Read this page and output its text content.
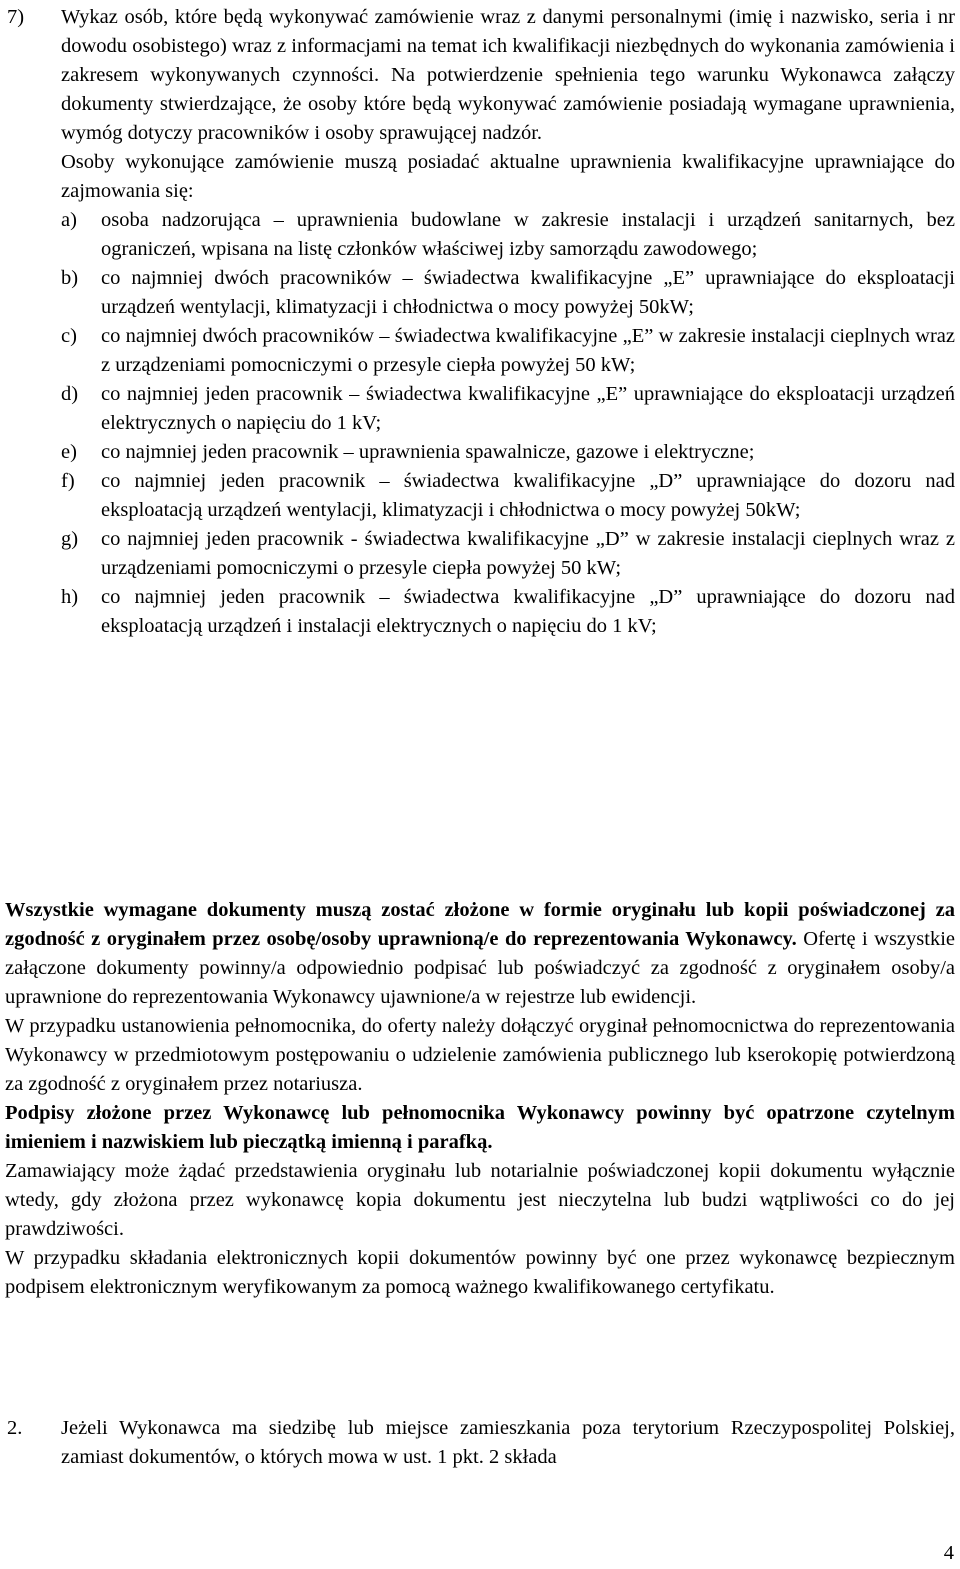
7) Wykaz osób, które będą wykonywać zamówienie wraz z danymi personalnymi (imię i nazwisko, seria i nr dowodu osobistego) wraz z informacjami na temat ich kwalifikacji niezbędnych do wykonania zamówienia i zakresem wykonywanych czynności. Na potwierdzenie spełnienia tego warunku Wykonawca załączy dokumenty stwierdzające, że osoby które będą wykonywać zamówienie posiadają wymagane uprawnienia, wymóg dotyczy pracowników i osoby sprawującej nadzór.

Osoby wykonujące zamówienie muszą posiadać aktualne uprawnienia kwalifikacyjne uprawniające do zajmowania się:

a) osoba nadzorująca – uprawnienia budowlane w zakresie instalacji i urządzeń sanitarnych, bez ograniczeń, wpisana na listę członków właściwej izby samorządu zawodowego;
b) co najmniej dwóch pracowników – świadectwa kwalifikacyjne „E” uprawniające do eksploatacji urządzeń wentylacji, klimatyzacji i chłodnictwa o mocy powyżej 50kW;
c) co najmniej dwóch pracowników – świadectwa kwalifikacyjne „E” w zakresie instalacji cieplnych wraz z urządzeniami pomocniczymi o przesyle ciepła powyżej 50 kW;
d) co najmniej jeden pracownik – świadectwa kwalifikacyjne „E” uprawniające do eksploatacji urządzeń elektrycznych o napięciu do 1 kV;
e) co najmniej jeden pracownik – uprawnienia spawalnicze, gazowe i elektryczne;
f) co najmniej jeden pracownik – świadectwa kwalifikacyjne „D” uprawniające do dozoru nad eksploatacją urządzeń wentylacji, klimatyzacji i chłodnictwa o mocy powyżej 50kW;
g) co najmniej jeden pracownik - świadectwa kwalifikacyjne „D” w zakresie instalacji cieplnych wraz z urządzeniami pomocniczymi o przesyle ciepła powyżej 50 kW;
h) co najmniej jeden pracownik – świadectwa kwalifikacyjne „D” uprawniające do dozoru nad eksploatacją urządzeń i instalacji elektrycznych o napięciu do 1 kV;

Wszystkie wymagane dokumenty muszą zostać złożone w formie oryginału lub kopii poświadczonej za zgodność z oryginałem przez osobę/osoby uprawnioną/e do reprezentowania Wykonawcy. Ofertę i wszystkie załączone dokumenty powinny/a odpowiednio podpisać lub poświadczyć za zgodność z oryginałem osoby/a uprawnione do reprezentowania Wykonawcy ujawnione/a w rejestrze lub ewidencji.

W przypadku ustanowienia pełnomocnika, do oferty należy dołączyć oryginał pełnomocnictwa do reprezentowania Wykonawcy w przedmiotowym postępowaniu o udzielenie zamówienia publicznego lub kserokopię potwierdzoną za zgodność z oryginałem przez notariusza.

Podpisy złożone przez Wykonawcę lub pełnomocnika Wykonawcy powinny być opatrzone czytelnym imieniem i nazwiskiem lub pieczątką imienną i parafką.

Zamawiający może żądać przedstawienia oryginału lub notarialnie poświadczonej kopii dokumentu wyłącznie wtedy, gdy złożona przez wykonawcę kopia dokumentu jest nieczytelna lub budzi wątpliwości co do jej prawdziwości.

W przypadku składania elektronicznych kopii dokumentów powinny być one przez wykonawcę bezpiecznym podpisem elektronicznym weryfikowanym za pomocą ważnego kwalifikowanego certyfikatu.

2. Jeżeli Wykonawca ma siedzibę lub miejsce zamieszkania poza terytorium Rzeczypospolitej Polskiej, zamiast dokumentów, o których mowa w ust. 1 pkt. 2 składa

4
